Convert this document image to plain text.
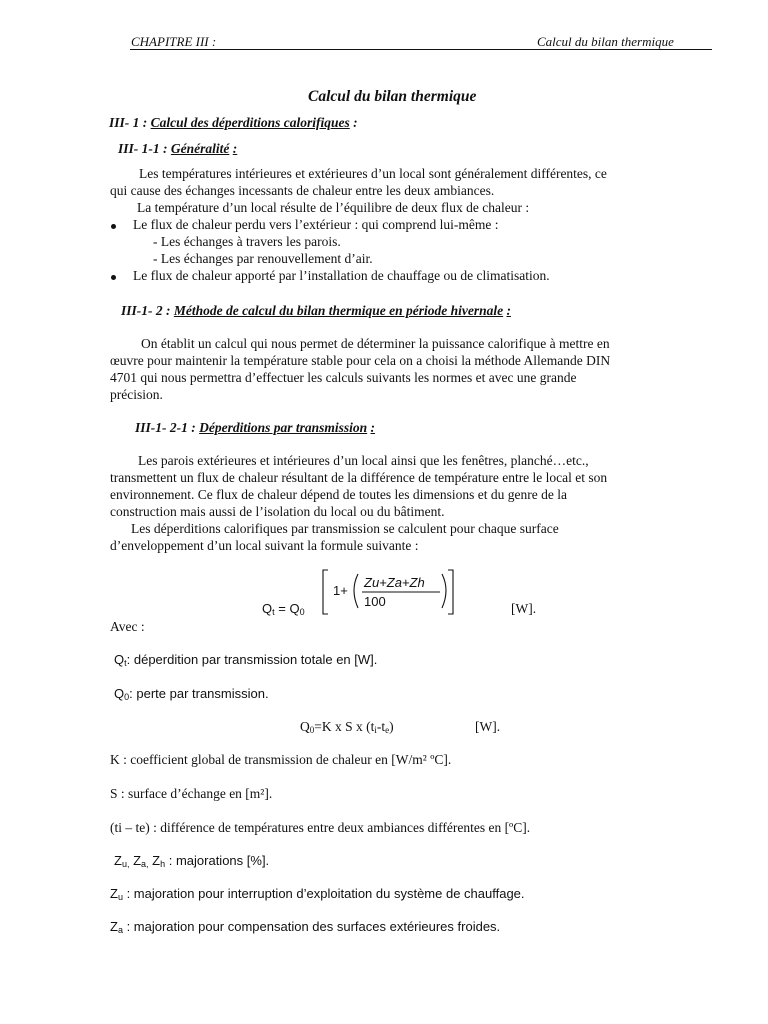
CHAPITRE III :	Calcul du bilan thermique
Calcul du bilan thermique
III- 1 : Calcul des déperditions calorifiques :
III- 1-1 : Généralité :
Les températures intérieures et extérieures d’un local sont généralement différentes, ce
qui cause des échanges incessants de chaleur entre les deux ambiances.
La température d’un local résulte de l’équilibre de deux flux de chaleur :
Le flux de chaleur perdu vers l’extérieur : qui comprend lui-même :
- Les échanges à travers les parois.
- Les échanges par renouvellement d’air.
Le flux de chaleur apporté par l’installation de chauffage ou de climatisation.
III-1- 2 : Méthode de calcul du bilan thermique en période hivernale :
On établit un calcul qui nous permet de déterminer la puissance calorifique à mettre en
œuvre pour maintenir la température stable pour cela on a choisi la méthode Allemande DIN
4701 qui nous permettra d’effectuer les calculs suivants les normes et avec une grande
précision.
III-1- 2-1 : Déperditions par transmission :
Les parois extérieures et intérieures d’un local ainsi que les fenêtres, planché…etc.,
transmettent un flux de chaleur résultant de la différence de température entre le local et son
environnement. Ce flux de chaleur dépend de toutes les dimensions et du genre de la
construction mais aussi de l’isolation du local ou du bâtiment.
Les déperditions calorifiques par transmission se calculent pour chaque surface
d’enveloppement d’un local suivant la formule suivante :
$Q_t = Q_0$
1+
Zu+Za+Zh
100	[W].
Avec :
$Q_t$: déperdition par transmission totale en [W].
$Q_0$: perte par transmission.
$Q_0=K$ x S x $(t_i-t_e)$	[W].
K : coefficient global de transmission de chaleur en [W/m² ºC].
S : surface d’échange en [m²].
(ti – te) : différence de températures entre deux ambiances différentes en [ºC].
$Z_{u,}$ $Z_{a,}$ $Z_h$ : majorations [%].
$Z_u$ : majoration pour interruption d’exploitation du système de chauffage.
$Z_a$ : majoration pour compensation des surfaces extérieures froides.
